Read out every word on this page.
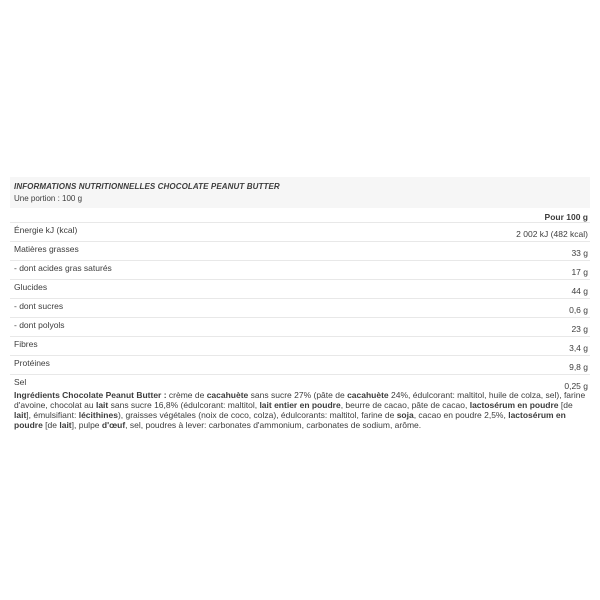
INFORMATIONS NUTRITIONNELLES CHOCOLATE PEANUT BUTTER
Une portion : 100 g
Pour 100 g
Énergie kJ (kcal)	2 002 kJ (482 kcal)
Matières grasses	33 g
- dont acides gras saturés	17 g
Glucides	44 g
- dont sucres	0,6 g
- dont polyols	23 g
Fibres	3,4 g
Protéines	9,8 g
Sel	0,25 g

Ingrédients Chocolate Peanut Butter : crème de cacahuète sans sucre 27% (pâte de cacahuète 24%, édulcorant: maltitol, huile de colza, sel), farine d'avoine, chocolat au lait sans sucre 16,8% (édulcorant: maltitol, lait entier en poudre, beurre de cacao, pâte de cacao, lactosérum en poudre [de lait], émulsifiant: lécithines), graisses végétales (noix de coco, colza), édulcorants: maltitol, farine de soja, cacao en poudre 2,5%, lactosérum en poudre [de lait], pulpe d'œuf, sel, poudres à lever: carbonates d'ammonium, carbonates de sodium, arôme.
